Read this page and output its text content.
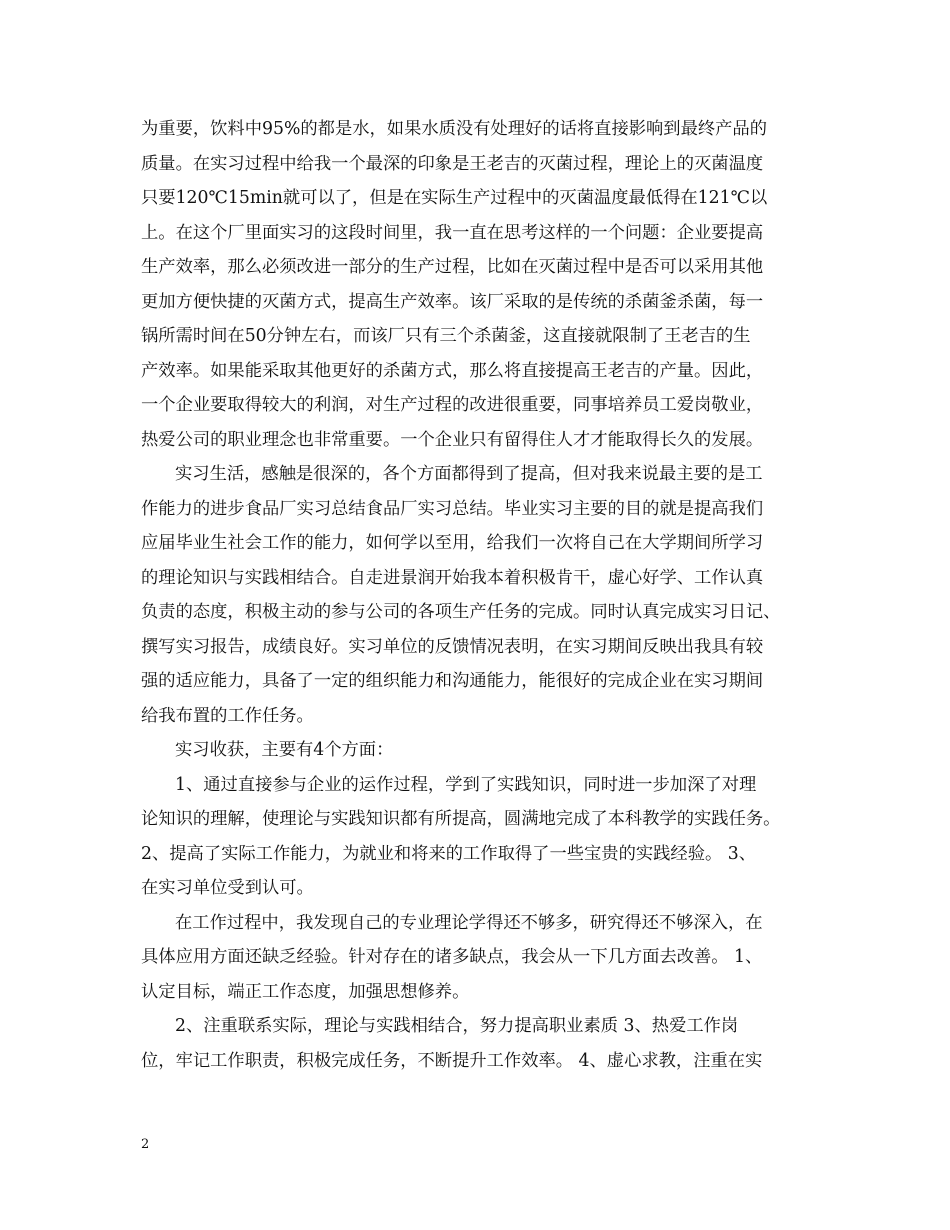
为重要，饮料中95%的都是水，如果水质没有处理好的话将直接影响到最终产品的
质量。在实习过程中给我一个最深的印象是王老吉的灭菌过程，理论上的灭菌温度
只要120℃15min就可以了，但是在实际生产过程中的灭菌温度最低得在121℃以
上。在这个厂里面实习的这段时间里，我一直在思考这样的一个问题：企业要提高
生产效率，那么必须改进一部分的生产过程，比如在灭菌过程中是否可以采用其他
更加方便快捷的灭菌方式，提高生产效率。该厂采取的是传统的杀菌釜杀菌，每一
锅所需时间在50分钟左右，而该厂只有三个杀菌釜，这直接就限制了王老吉的生
产效率。如果能采取其他更好的杀菌方式，那么将直接提高王老吉的产量。因此，
一个企业要取得较大的利润，对生产过程的改进很重要，同事培养员工爱岗敬业，
热爱公司的职业理念也非常重要。一个企业只有留得住人才才能取得长久的发展。
实习生活，感触是很深的，各个方面都得到了提高，但对我来说最主要的是工
作能力的进步食品厂实习总结食品厂实习总结。毕业实习主要的目的就是提高我们
应届毕业生社会工作的能力，如何学以至用，给我们一次将自己在大学期间所学习
的理论知识与实践相结合。自走进景润开始我本着积极肯干，虚心好学、工作认真
负责的态度，积极主动的参与公司的各项生产任务的完成。同时认真完成实习日记、
撰写实习报告，成绩良好。实习单位的反馈情况表明，在实习期间反映出我具有较
强的适应能力，具备了一定的组织能力和沟通能力，能很好的完成企业在实习期间
给我布置的工作任务。
实习收获，主要有4个方面：
1、通过直接参与企业的运作过程，学到了实践知识，同时进一步加深了对理
论知识的理解，使理论与实践知识都有所提高，圆满地完成了本科教学的实践任务。
2、提高了实际工作能力，为就业和将来的工作取得了一些宝贵的实践经验。 3、
在实习单位受到认可。
在工作过程中，我发现自己的专业理论学得还不够多，研究得还不够深入，在
具体应用方面还缺乏经验。针对存在的诸多缺点，我会从一下几方面去改善。 1、
认定目标，端正工作态度，加强思想修养。
2、注重联系实际，理论与实践相结合，努力提高职业素质 3、热爱工作岗
位，牢记工作职责，积极完成任务，不断提升工作效率。 4、虚心求教，注重在实
2
